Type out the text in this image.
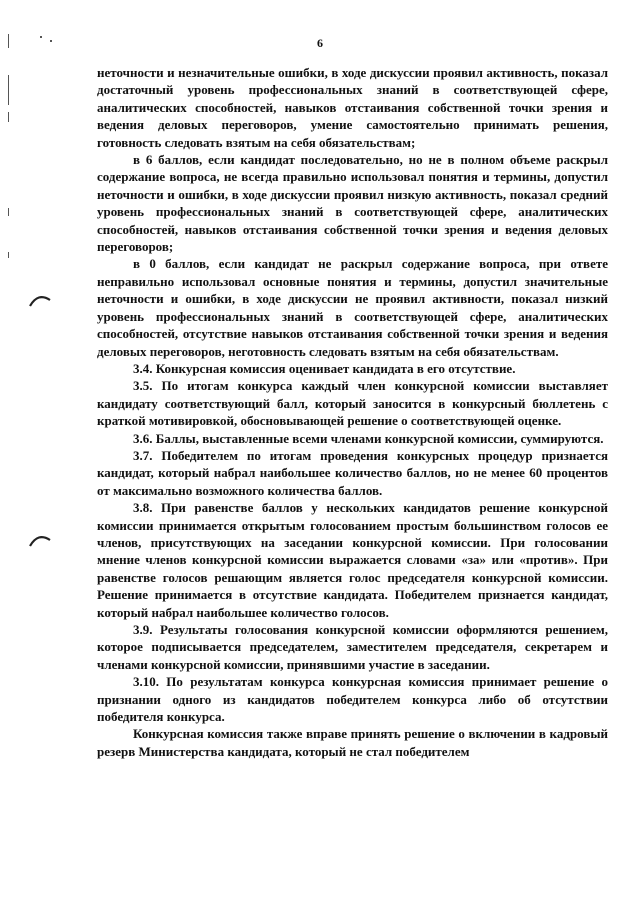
6

неточности и незначительные ошибки, в ходе дискуссии проявил активность, показал достаточный уровень профессиональных знаний в соответствующей сфере, аналитических способностей, навыков отстаивания собственной точки зрения и ведения деловых переговоров, умение самостоятельно принимать решения, готовность следовать взятым на себя обязательствам;

в 6 баллов, если кандидат последовательно, но не в полном объеме раскрыл содержание вопроса, не всегда правильно использовал понятия и термины, допустил неточности и ошибки, в ходе дискуссии проявил низкую активность, показал средний уровень профессиональных знаний в соответствующей сфере, аналитических способностей, навыков отстаивания собственной точки зрения и ведения деловых переговоров;

в 0 баллов, если кандидат не раскрыл содержание вопроса, при ответе неправильно использовал основные понятия и термины, допустил значительные неточности и ошибки, в ходе дискуссии не проявил активности, показал низкий уровень профессиональных знаний в соответствующей сфере, аналитических способностей, отсутствие навыков отстаивания собственной точки зрения и ведения деловых переговоров, неготовность следовать взятым на себя обязательствам.

3.4. Конкурсная комиссия оценивает кандидата в его отсутствие.

3.5. По итогам конкурса каждый член конкурсной комиссии выставляет кандидату соответствующий балл, который заносится в конкурсный бюллетень с краткой мотивировкой, обосновывающей решение о соответствующей оценке.

3.6. Баллы, выставленные всеми членами конкурсной комиссии, суммируются.

3.7. Победителем по итогам проведения конкурсных процедур признается кандидат, который набрал наибольшее количество баллов, но не менее 60 процентов от максимально возможного количества баллов.

3.8. При равенстве баллов у нескольких кандидатов решение конкурсной комиссии принимается открытым голосованием простым большинством голосов ее членов, присутствующих на заседании конкурсной комиссии. При голосовании мнение членов конкурсной комиссии выражается словами «за» или «против». При равенстве голосов решающим является голос председателя конкурсной комиссии. Решение принимается в отсутствие кандидата. Победителем признается кандидат, который набрал наибольшее количество голосов.

3.9. Результаты голосования конкурсной комиссии оформляются решением, которое подписывается председателем, заместителем председателя, секретарем и членами конкурсной комиссии, принявшими участие в заседании.

3.10. По результатам конкурса конкурсная комиссия принимает решение о признании одного из кандидатов победителем конкурса либо об отсутствии победителя конкурса.

Конкурсная комиссия также вправе принять решение о включении в кадровый резерв Министерства кандидата, который не стал победителем
